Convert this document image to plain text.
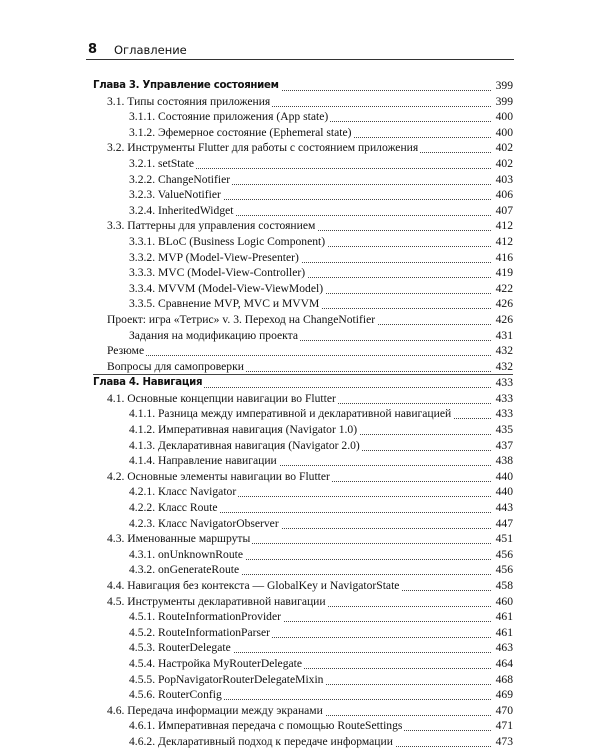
8 Оглавление
Глава 3. Управление состоянием	399
3.1. Типы состояния приложения	399
3.1.1. Состояние приложения (App state)	400
3.1.2. Эфемерное состояние (Ephemeral state)	400
3.2. Инструменты Flutter для работы с состоянием приложения	402
3.2.1. setState	402
3.2.2. ChangeNotifier	403
3.2.3. ValueNotifier	406
3.2.4. InheritedWidget	407
3.3. Паттерны для управления состоянием	412
3.3.1. BLoC (Business Logic Component)	412
3.3.2. MVP (Model-View-Presenter)	416
3.3.3. MVC (Model-View-Controller)	419
3.3.4. MVVM (Model-View-ViewModel)	422
3.3.5. Сравнение MVP, MVC и MVVM	426
Проект: игра «Тетрис» v. 3. Переход на ChangeNotifier	426
Задания на модификацию проекта	431
Резюме	432
Вопросы для самопроверки	432
Глава 4. Навигация	433
4.1. Основные концепции навигации во Flutter	433
4.1.1. Разница между императивной и декларативной навигацией	433
4.1.2. Императивная навигация (Navigator 1.0)	435
4.1.3. Декларативная навигация (Navigator 2.0)	437
4.1.4. Направление навигации	438
4.2. Основные элементы навигации во Flutter	440
4.2.1. Класс Navigator	440
4.2.2. Класс Route	443
4.2.3. Класс NavigatorObserver	447
4.3. Именованные маршруты	451
4.3.1. onUnknownRoute	456
4.3.2. onGenerateRoute	456
4.4. Навигация без контекста — GlobalKey и NavigatorState	458
4.5. Инструменты декларативной навигации	460
4.5.1. RouteInformationProvider	461
4.5.2. RouteInformationParser	461
4.5.3. RouterDelegate	463
4.5.4. Настройка MyRouterDelegate	464
4.5.5. PopNavigatorRouterDelegateMixin	468
4.5.6. RouterConfig	469
4.6. Передача информации между экранами	470
4.6.1. Императивная передача с помощью RouteSettings	471
4.6.2. Декларативный подход к передаче информации	473
